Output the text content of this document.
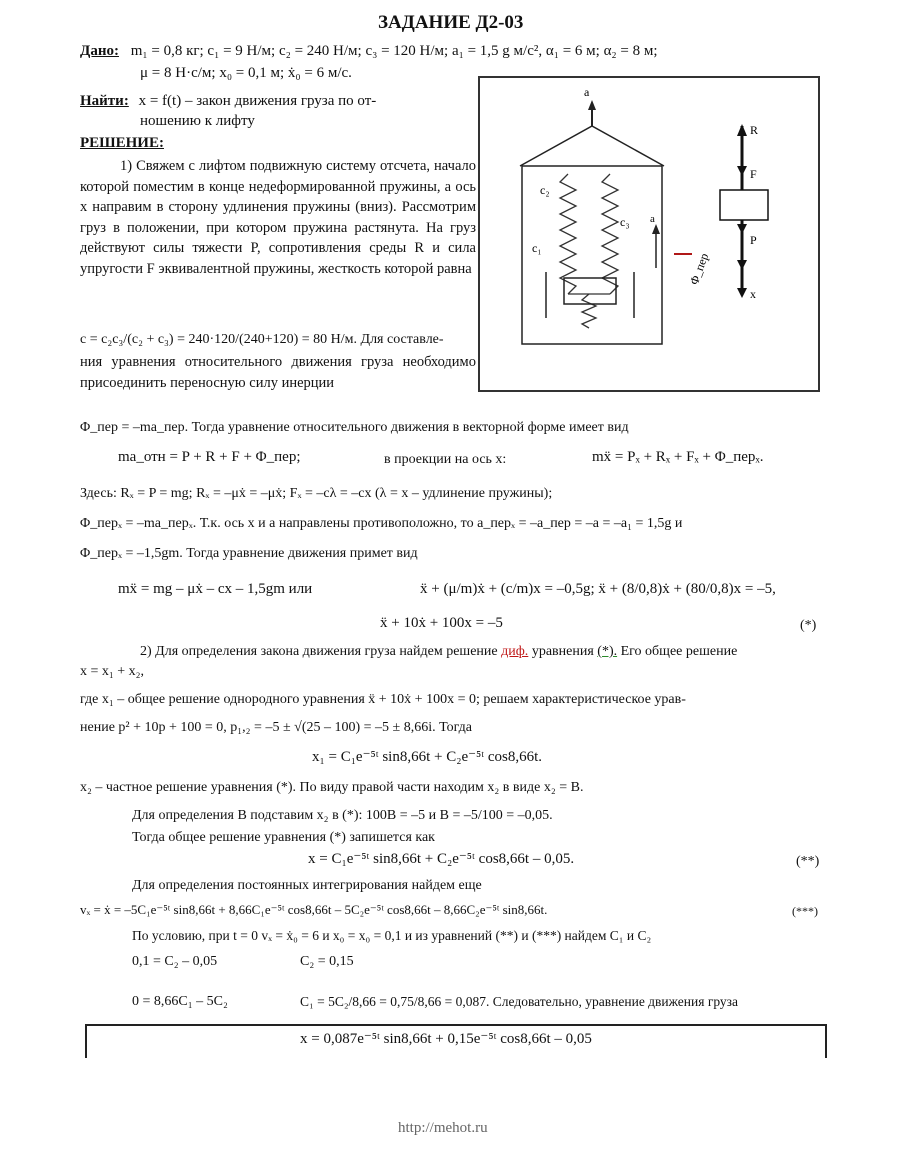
ЗАДАНИЕ Д2-03
Дано: m₁ = 0,8 кг; c₁ = 9 Н/м; c₂ = 240 Н/м; c₃ = 120 Н/м; a₁ = 1,5 g м/с², α₁ = 6 м; α₂ = 8 м;
μ = 8 Н·с/м; x₀ = 0,1 м; ẋ₀ = 6 м/с.
Найти: x = f(t) – закон движения груза по от-
ношению к лифту
РЕШЕНИЕ:
1) Свяжем с лифтом подвижную систему отсчета, начало которой поместим в конце недеформированной пружины, а ось x направим в сторону удлинения пружины (вниз). Рассмотрим груз в положении, при котором пружина растянута. На груз действуют силы тяжести P, сопротивления среды R и сила упругости F эквивалентной пружины, жесткость которой равна
c = c₂c₃/(c₂ + c₃) = 240·120/(240+120) = 80 Н/м. Для составле-
ния уравнения относительного движения груза необходимо присоединить переносную силу инерции
a
c₂
c₃
c₁
a
R
F
P
Φ_пер
x
Φ_пер = –ma_пер. Тогда уравнение относительного движения в векторной форме имеет вид
ma_отн = P + R + F + Φ_пер;	в проекции на ось x:	mẍ = Pₓ + Rₓ + Fₓ + Φ_перₓ.
Здесь: Rₓ = P = mg; Rₓ = –μẋ = –μẋ; Fₓ = –cλ = –cx (λ = x – удлинение пружины);
Φ_перₓ = –ma_перₓ. Т.к. ось x и a направлены противоположно, то a_перₓ = –a_пер = –a = –a₁ = 1,5g и
Φ_перₓ = –1,5gm. Тогда уравнение движения примет вид
mẍ = mg – μẋ – cx – 1,5gm или	ẍ + (μ/m)ẋ + (c/m)x = –0,5g; ẍ + (8/0,8)ẋ + (80/0,8)x = –5,
ẍ + 10ẋ + 100x = –5	(*)
2) Для определения закона движения груза найдем решение диф. уравнения (*). Его общее решение
x = x₁ + x₂,
где x₁ – общее решение однородного уравнения ẍ + 10ẋ + 100x = 0; решаем характеристическое урав-
нение p² + 10p + 100 = 0, p₁,₂ = –5 ± √(25 – 100) = –5 ± 8,66i. Тогда
x₁ = C₁e⁻⁵ᵗ sin8,66t + C₂e⁻⁵ᵗ cos8,66t.
x₂ – частное решение уравнения (*). По виду правой части находим x₂ в виде x₂ = B.
Для определения B подставим x₂ в (*): 100B = –5 и B = –5/100 = –0,05.
Тогда общее решение уравнения (*) запишется как
x = C₁e⁻⁵ᵗ sin8,66t + C₂e⁻⁵ᵗ cos8,66t – 0,05.	(**)
Для определения постоянных интегрирования найдем еще
vₓ = ẋ = –5C₁e⁻⁵ᵗ sin8,66t + 8,66C₁e⁻⁵ᵗ cos8,66t – 5C₂e⁻⁵ᵗ cos8,66t – 8,66C₂e⁻⁵ᵗ sin8,66t.	(***)
По условию, при t = 0 vₓ = ẋ₀ = 6 и x₀ = x₀ = 0,1 и из уравнений (**) и (***) найдем C₁ и C₂
0,1 = C₂ – 0,05	C₂ = 0,15
0 = 8,66C₁ – 5C₂	C₁ = 5C₂/8,66 = 0,75/8,66 = 0,087. Следовательно, уравнение движения груза
x = 0,087e⁻⁵ᵗ sin8,66t + 0,15e⁻⁵ᵗ cos8,66t – 0,05
http://mehot.ru
